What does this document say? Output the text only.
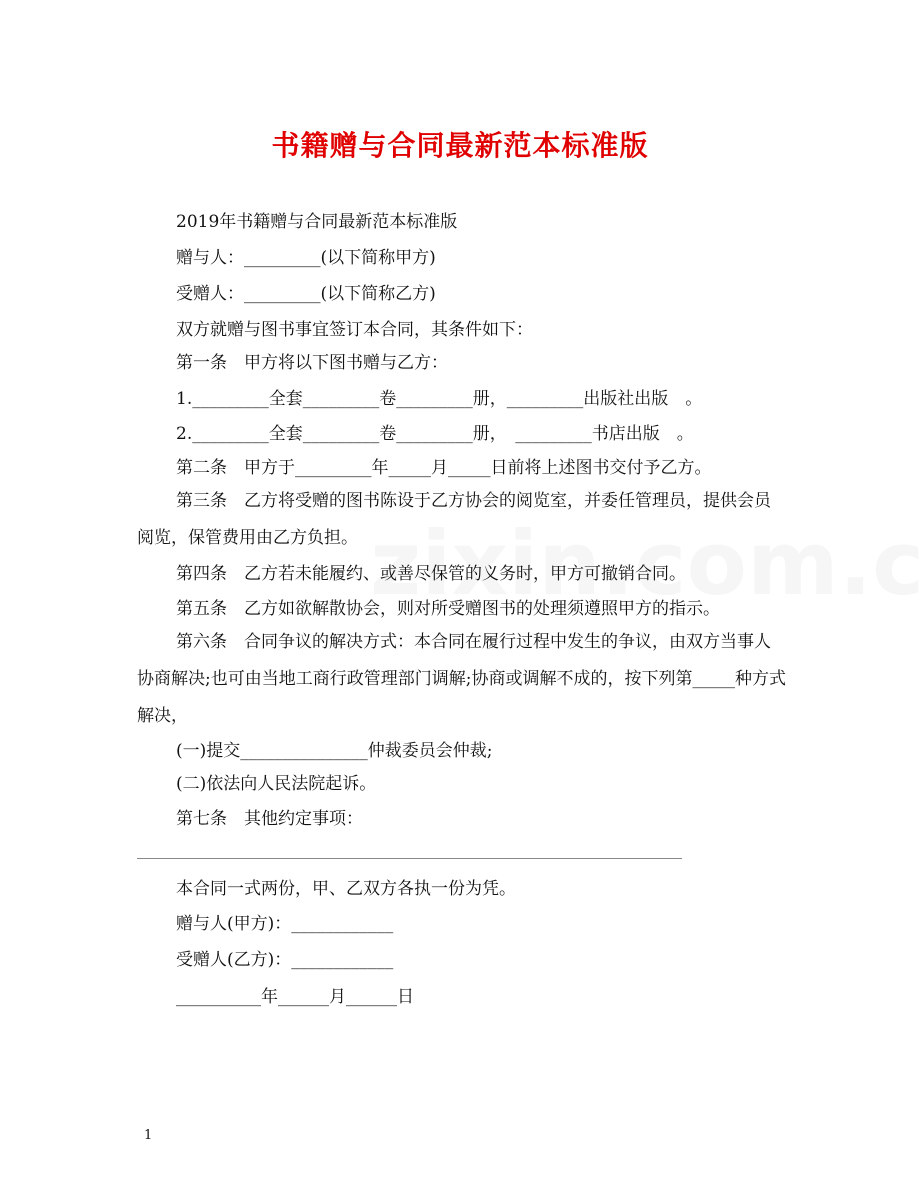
书籍赠与合同最新范本标准版
2019年书籍赠与合同最新范本标准版
赠与人：_________(以下简称甲方)
受赠人：_________(以下简称乙方)
双方就赠与图书事宜签订本合同，其条件如下：
第一条　甲方将以下图书赠与乙方：
1._________全套_________卷_________册，_________出版社出版　。
2._________全套_________卷_________册，　_________书店出版　。
第二条　甲方于_________年_____月_____日前将上述图书交付予乙方。
第三条　乙方将受赠的图书陈设于乙方协会的阅览室，并委任管理员，提供会员阅览，保管费用由乙方负担。
第四条　乙方若未能履约、或善尽保管的义务时，甲方可撤销合同。
第五条　乙方如欲解散协会，则对所受赠图书的处理须遵照甲方的指示。
第六条　合同争议的解决方式：本合同在履行过程中发生的争议，由双方当事人协商解决;也可由当地工商行政管理部门调解;协商或调解不成的，按下列第_____种方式解决，
(一)提交_______________仲裁委员会仲裁;
(二)依法向人民法院起诉。
第七条　其他约定事项：
本合同一式两份，甲、乙双方各执一份为凭。
赠与人(甲方)：____________
受赠人(乙方)：____________
__________年______月______日
1
